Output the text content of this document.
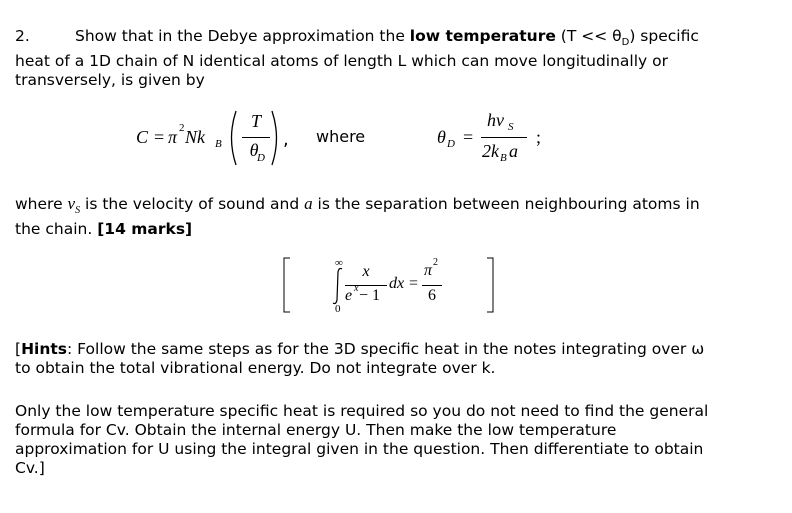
2.	Show that in the Debye approximation the low temperature $(T << \theta_D)$ specific
heat of a 1D chain of N identical atoms of length L which can move longitudinally or
transversely, is given by
C = π 2 Nk B
T
θ
D
, where	θ D =
hv S
2k B a
;
where $v_S$ is the velocity of sound and a is the separation between neighbouring atoms in
the chain. [14 marks]
∞
0
x
e x − 1
dx =
π 2
6
[Hints: Follow the same steps as for the 3D specific heat in the notes integrating over ω
to obtain the total vibrational energy. Do not integrate over k.
Only the low temperature specific heat is required so you do not need to find the general
formula for Cv. Obtain the internal energy U. Then make the low temperature
approximation for U using the integral given in the question. Then differentiate to obtain
Cv.]
